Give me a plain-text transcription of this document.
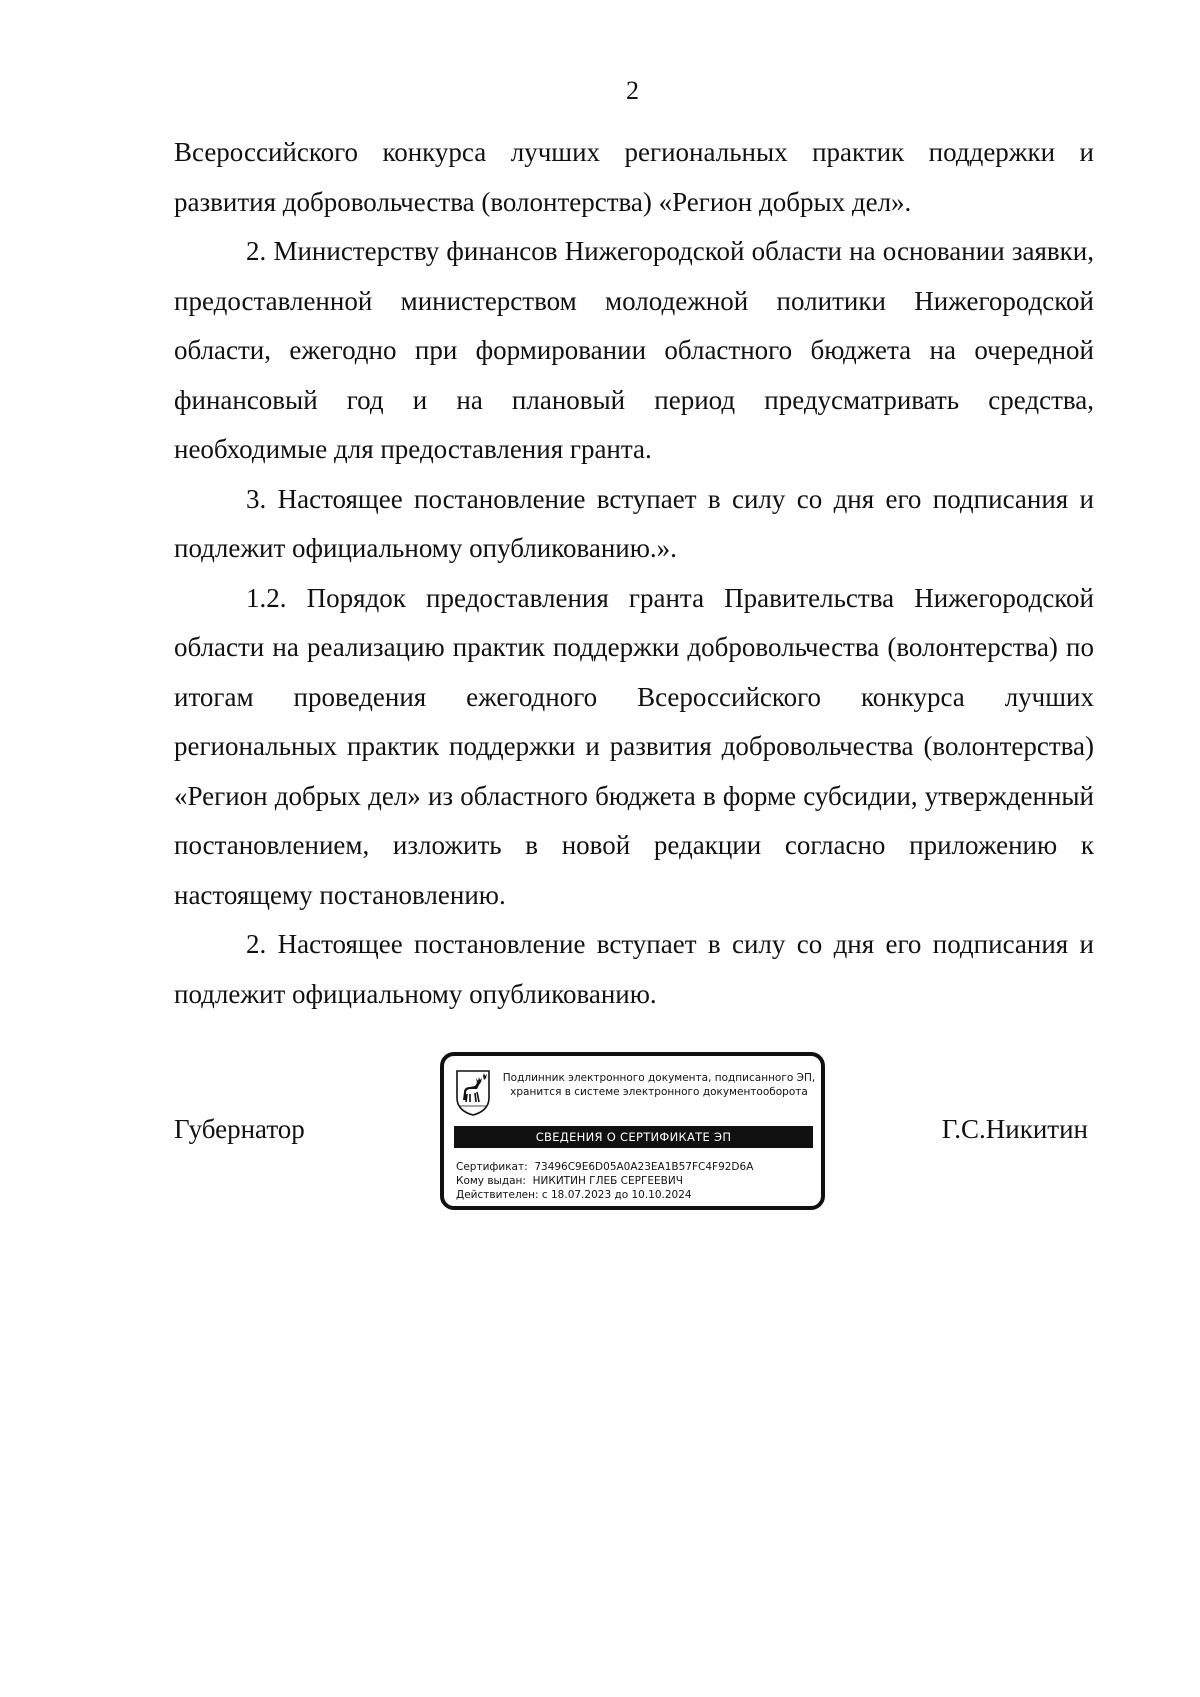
2

Всероссийского конкурса лучших региональных практик поддержки и развития добровольчества (волонтерства) «Регион добрых дел».

2. Министерству финансов Нижегородской области на основании заявки, предоставленной министерством молодежной политики Нижегородской области, ежегодно при формировании областного бюджета на очередной финансовый год и на плановый период предусматривать средства, необходимые для предоставления гранта.

3. Настоящее постановление вступает в силу со дня его подписания и подлежит официальному опубликованию.».

1.2. Порядок предоставления гранта Правительства Нижегородской области на реализацию практик поддержки добровольчества (волонтерства) по итогам проведения ежегодного Всероссийского конкурса лучших региональных практик поддержки и развития добровольчества (волонтерства) «Регион добрых дел» из областного бюджета в форме субсидии, утвержденный постановлением, изложить в новой редакции согласно приложению к настоящему постановлению.

2. Настоящее постановление вступает в силу со дня его подписания и подлежит официальному опубликованию.

Губернатор
Подлинник электронного документа, подписанного ЭП,
хранится в системе электронного документооборота
СВЕДЕНИЯ О СЕРТИФИКАТЕ ЭП
Сертификат: 73496C9E6D05A0A23EA1B57FC4F92D6A
Кому выдан: НИКИТИН ГЛЕБ СЕРГЕЕВИЧ
Действителен: с 18.07.2023 до 10.10.2024
Г.С.Никитин
